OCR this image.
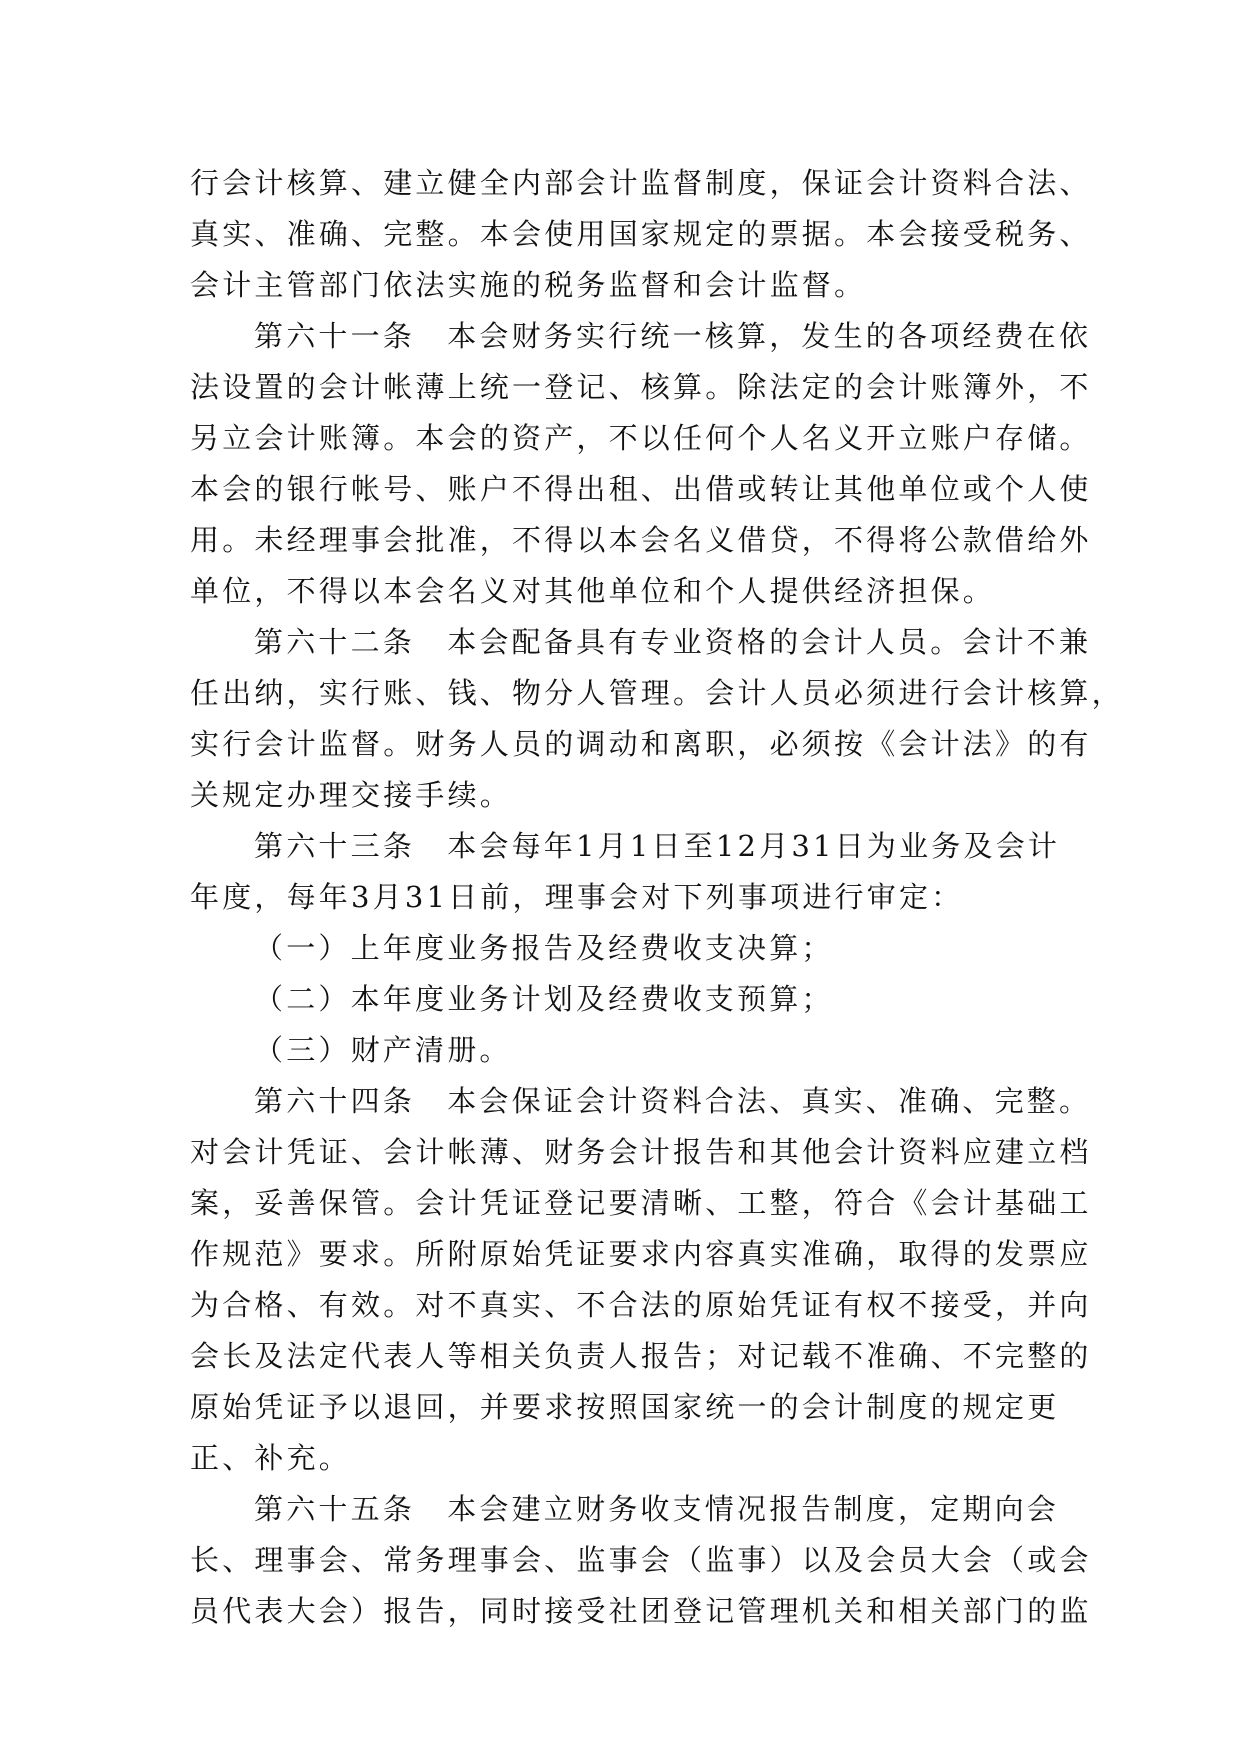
行会计核算、建立健全内部会计监督制度，保证会计资料合法、
真实、准确、完整。本会使用国家规定的票据。本会接受税务、
会计主管部门依法实施的税务监督和会计监督。
第六十一条　本会财务实行统一核算，发生的各项经费在依
法设置的会计帐薄上统一登记、核算。除法定的会计账簿外，不
另立会计账簿。本会的资产，不以任何个人名义开立账户存储。
本会的银行帐号、账户不得出租、出借或转让其他单位或个人使
用。未经理事会批准，不得以本会名义借贷，不得将公款借给外
单位，不得以本会名义对其他单位和个人提供经济担保。
第六十二条　本会配备具有专业资格的会计人员。会计不兼
任出纳，实行账、钱、物分人管理。会计人员必须进行会计核算，
实行会计监督。财务人员的调动和离职，必须按《会计法》的有
关规定办理交接手续。
第六十三条　本会每年1月1日至12月31日为业务及会计
年度，每年3月31日前，理事会对下列事项进行审定：
（一）上年度业务报告及经费收支决算；
（二）本年度业务计划及经费收支预算；
（三）财产清册。
第六十四条　本会保证会计资料合法、真实、准确、完整。
对会计凭证、会计帐薄、财务会计报告和其他会计资料应建立档
案，妥善保管。会计凭证登记要清晰、工整，符合《会计基础工
作规范》要求。所附原始凭证要求内容真实准确，取得的发票应
为合格、有效。对不真实、不合法的原始凭证有权不接受，并向
会长及法定代表人等相关负责人报告；对记载不准确、不完整的
原始凭证予以退回，并要求按照国家统一的会计制度的规定更
正、补充。
第六十五条　本会建立财务收支情况报告制度，定期向会
长、理事会、常务理事会、监事会（监事）以及会员大会（或会
员代表大会）报告，同时接受社团登记管理机关和相关部门的监
